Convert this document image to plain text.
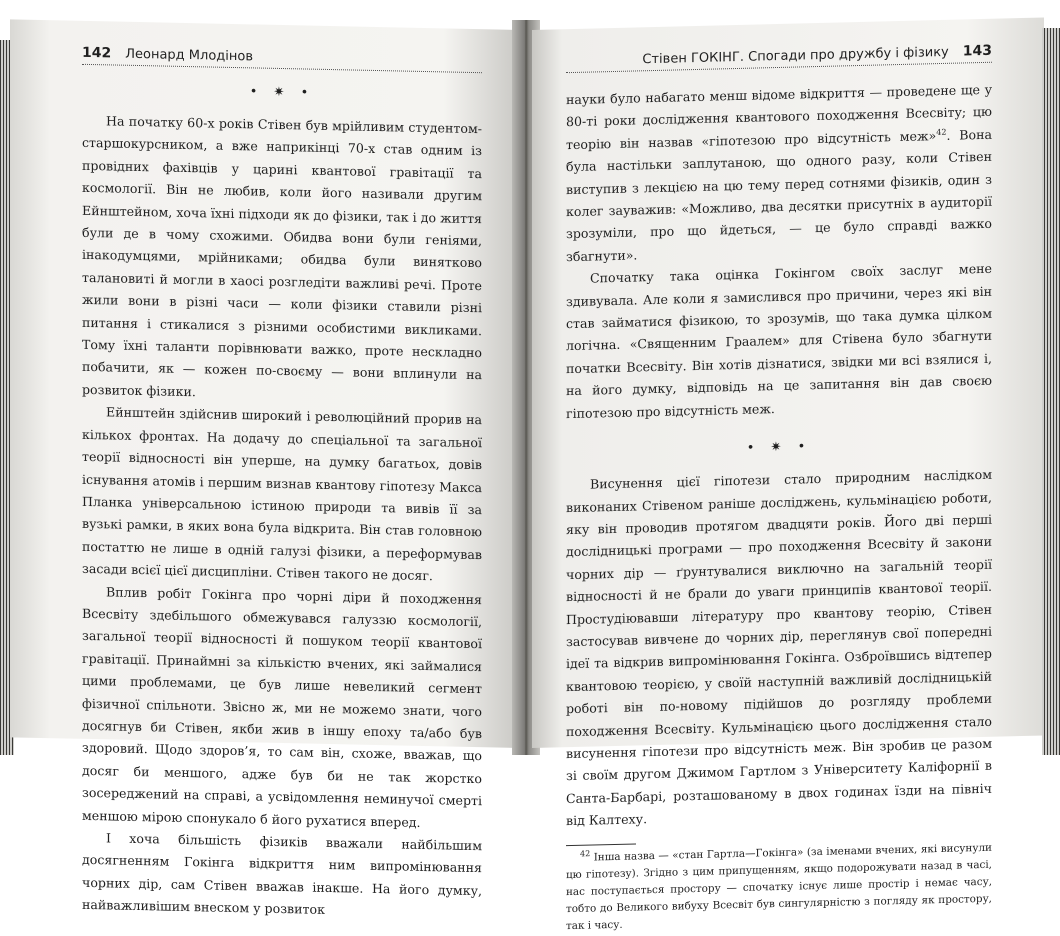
142 Леонард Млодінов
• ✷ •

На початку 60-х років Стівен був мрійливим студентом-старшокурсником, а вже наприкінці 70-х став одним із провідних фахівців у царині квантової гравітації та космології. Він не любив, коли його називали другим Ейнштейном, хоча їхні підходи як до фізики, так і до життя були де в чому схожими. Обидва вони були геніями, інакодумцями, мрійниками; обидва були винятково талановиті й могли в хаосі розгледіти важливі речі. Проте жили вони в різні часи — коли фізики ставили різні питання і стикалися з різними особистими викликами. Тому їхні таланти порівнювати важко, проте нескладно побачити, як — кожен по-своєму — вони вплинули на розвиток фізики.

Ейнштейн здійснив широкий і революційний прорив на кількох фронтах. На додачу до спеціальної та загальної теорії відносності він уперше, на думку багатьох, довів існування атомів і першим визнав квантову гіпотезу Макса Планка універсальною істиною природи та вивів її за вузькі рамки, в яких вона була відкрита. Він став головною постаттю не лише в одній галузі фізики, а переформував засади всієї цієї дисципліни. Стівен такого не досяг.

Вплив робіт Гокінга про чорні діри й походження Всесвіту здебільшого обмежувався галуззю космології, загальної теорії відносності й пошуком теорії квантової гравітації. Принаймні за кількістю вчених, які займалися цими проблемами, це був лише невеликий сегмент фізичної спільноти. Звісно ж, ми не можемо знати, чого досягнув би Стівен, якби жив в іншу епоху та/або був здоровий. Щодо здоров’я, то сам він, схоже, вважав, що досяг би меншого, адже був би не так жорстко зосереджений на справі, а усвідомлення неминучої смерті меншою мірою спонукало б його рухатися вперед.

І хоча більшість фізиків вважали найбільшим досягненням Гокінга відкриття ним випромінювання чорних дір, сам Стівен вважав інакше. На його думку, найважливішим внеском у розвиток

Стівен ГОКІНГ. Спогади про дружбу і фізику 143

науки було набагато менш відоме відкриття — проведене ще у 80-ті роки дослідження квантового походження Всесвіту; цю теорію він назвав «гіпотезою про відсутність меж»$^{42}$. Вона була настільки заплутаною, що одного разу, коли Стівен виступив з лекцією на цю тему перед сотнями фізиків, один з колег зауважив: «Можливо, два десятки присутніх в аудиторії зрозуміли, про що йдеться, — це було справді важко збагнути».

Спочатку така оцінка Гокінгом своїх заслуг мене здивувала. Але коли я замислився про причини, через які він став займатися фізикою, то зрозумів, що така думка цілком логічна. «Священним Граалем» для Стівена було збагнути початки Всесвіту. Він хотів дізнатися, звідки ми всі взялися і, на його думку, відповідь на це запитання він дав своєю гіпотезою про відсутність меж.

• ✷ •

Висунення цієї гіпотези стало природним наслідком виконаних Стівеном раніше досліджень, кульмінацією роботи, яку він проводив протягом двадцяти років. Його дві перші дослідницькі програми — про походження Всесвіту й закони чорних дір — ґрунтувалися виключно на загальній теорії відносності й не брали до уваги принципів квантової теорії. Простудіювавши літературу про квантову теорію, Стівен застосував вивчене до чорних дір, переглянув свої попередні ідеї та відкрив випромінювання Гокінга. Озброївшись відтепер квантовою теорією, у своїй наступній важливій дослідницькій роботі він по-новому підійшов до розгляду проблеми походження Всесвіту. Кульмінацією цього дослідження стало висунення гіпотези про відсутність меж. Він зробив це разом зі своїм другом Джимом Гартлом з Університету Каліфорнії в Санта-Барбарі, розташованому в двох годинах їзди на північ від Калтеху.

$^{42}$ Інша назва — «стан Гартла—Гокінга» (за іменами вчених, які висунули цю гіпотезу). Згідно з цим припущенням, якщо подорожувати назад в часі, нас поступається простору — спочатку існує лише простір і немає часу, тобто до Великого вибуху Всесвіт був сингулярністю з погляду як простору, так і часу.
